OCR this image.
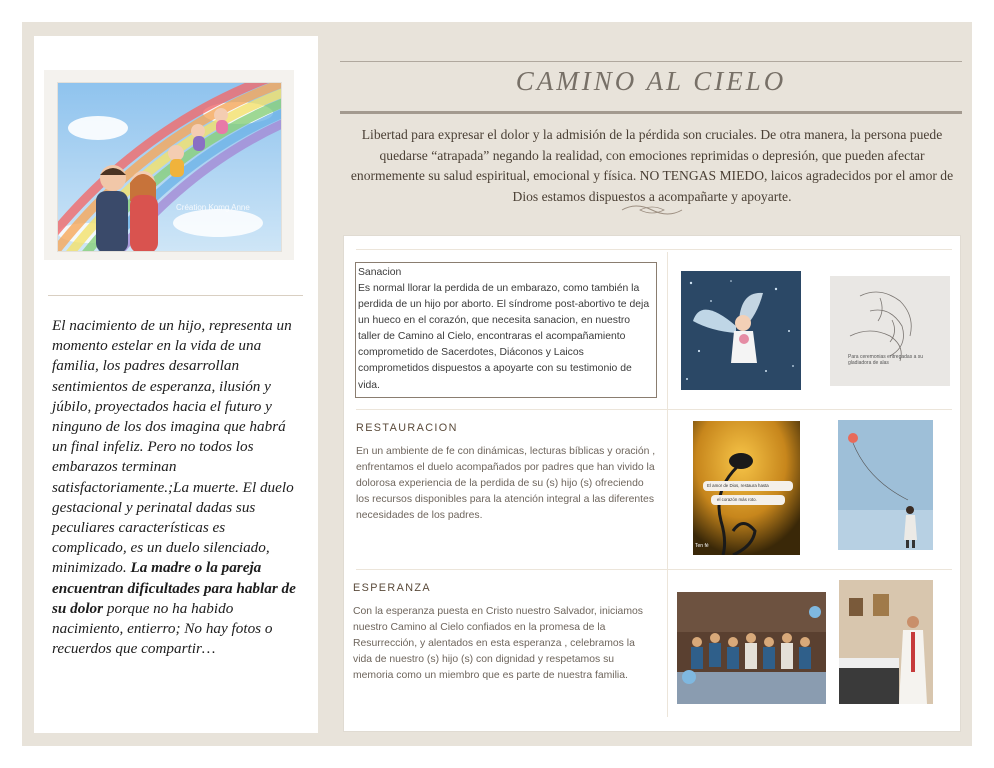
Création Komg Anne
El nacimiento de un hijo, representa un momento estelar en la vida de una familia, los padres desarrollan sentimientos de esperanza, ilusión y júbilo, proyectados hacia el futuro y ninguno de los dos imagina que habrá un final infeliz. Pero no todos los embarazos terminan satisfactoriamente.;La muerte. El duelo gestacional y perinatal dadas sus peculiares características es complicado, es un duelo silenciado, minimizado. La madre o la pareja encuentran dificultades para hablar de su dolor porque no ha habido nacimiento, entierro; No hay fotos o recuerdos que compartir…
CAMINO AL CIELO
Libertad para expresar el dolor y la admisión de la pérdida son cruciales. De otra manera, la persona puede quedarse “atrapada” negando la realidad, con emociones reprimidas o depresión, que pueden afectar enormemente su salud espiritual, emocional y física. NO TENGAS MIEDO, laicos agradecidos por el amor de Dios estamos dispuestos a acompañarte y apoyarte.
Sanacion
Es normal llorar la perdida de un embarazo, como también la perdida de un hijo por aborto. El síndrome post-abortivo te deja un hueco en el corazón, que necesita sanacion, en nuestro taller de Camino al Cielo, encontraras el acompañamiento comprometido de Sacerdotes, Diáconos y Laicos comprometidos dispuestos a apoyarte con su testimonio de vida.
Para ceremonias entregadas a su gladiadora de alas
RESTAURACION
En un ambiente de fe con dinámicas, lecturas bíblicas y oración , enfrentamos el duelo acompañados por padres que han vivido la dolorosa experiencia de la perdida de su (s) hijo (s) ofreciendo los recursos disponibles para la atención integral a las diferentes necesidades de los padres.
El amor de Dios, restaura hasta
el corazón más roto.
Ten fé
ESPERANZA
Con la esperanza puesta en Cristo nuestro Salvador, iniciamos nuestro Camino al Cielo confiados en la promesa de la Resurrección, y alentados en esta esperanza , celebramos la vida de nuestro (s) hijo (s) con dignidad y respetamos su memoria como un miembro que es parte de nuestra familia.
